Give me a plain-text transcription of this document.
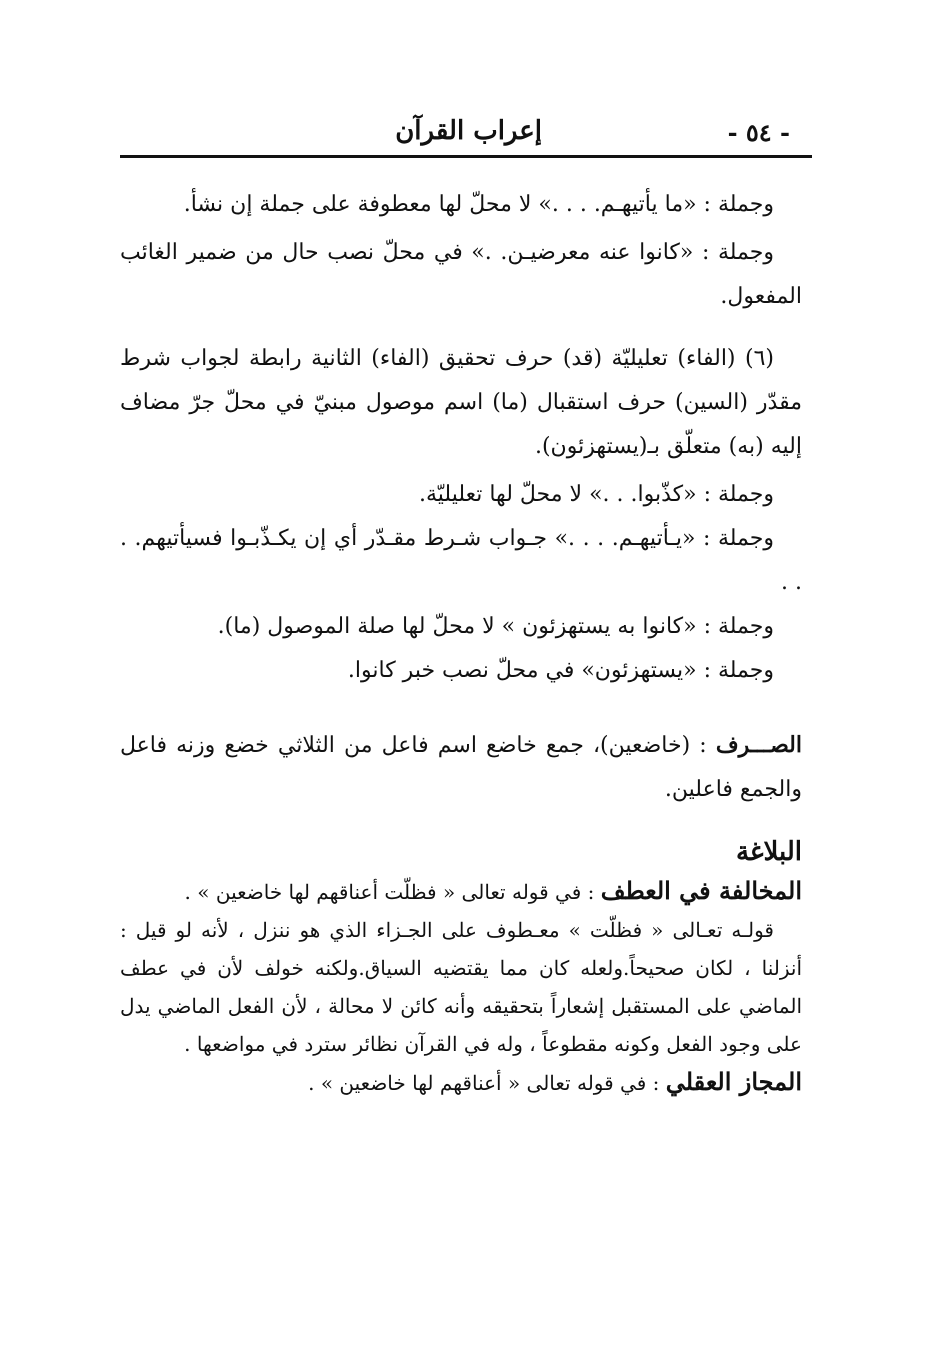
- ٥٤ -
إعراب القرآن

وجملة : «ما يأتيهـم. . . .» لا محلّ لها معطوفة على جملة إن نشأ.

وجملة : «كانوا عنه معرضيـن. .» في محلّ نصب حال من ضمير الغائب المفعول.

(٦) (الفاء) تعليليّة (قد) حرف تحقيق (الفاء) الثانية رابطة لجواب شرط مقدّر (السين) حرف استقبال (ما) اسم موصول مبنيّ في محلّ جرّ مضاف إليه (به) متعلّق بـ(يستهزئون).

وجملة : «كذّبوا. . .» لا محلّ لها تعليليّة.

وجملة : «يـأتيهـم. . . .» جـواب شـرط مقـدّر أي إن يكـذّبـوا فسيأتيهم. . . .

وجملة : «كانوا به يستهزئون » لا محلّ لها صلة الموصول (ما).

وجملة : «يستهزئون» في محلّ نصب خبر كانوا.

الصـــرف : (خاضعين)، جمع خاضع اسم فاعل من الثلاثي خضع وزنه فاعل والجمع فاعلين.

البلاغة

المخالفة في العطف : في قوله تعالى « فظلّت أعناقهم لها خاضعين » .

قولـه تعـالى « فظلّت » معـطوف على الجـزاء الذي هو ننزل ، لأنه لو قيل : أنزلنا ، لكان صحيحاً.ولعله كان مما يقتضيه السياق.ولكنه خولف لأن في عطف الماضي على المستقبل إشعاراً بتحقيقه وأنه كائن لا محالة ، لأن الفعل الماضي يدل على وجود الفعل وكونه مقطوعاً ، وله في القرآن نظائر سترد في مواضعها .

المجاز العقلي : في قوله تعالى « أعناقهم لها خاضعين » .
